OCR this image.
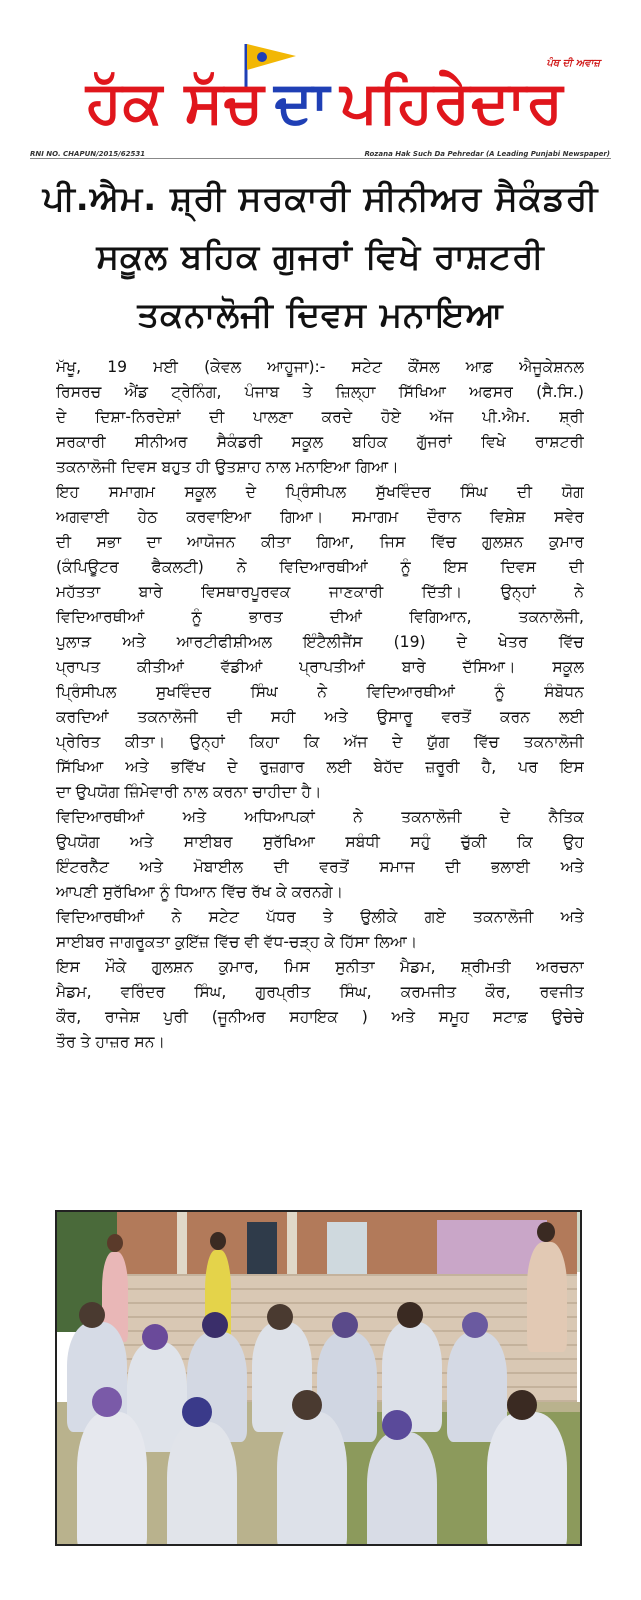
ਪੰਥ ਦੀ ਅਵਾਜ਼
ਹੱਕ ਸੱਚ ਦਾ ਪਹਿਰੇਦਾਰ
RNI NO. CHAPUN/2015/62531	Rozana Hak Such Da Pehredar (A Leading Punjabi Newspaper)
ਪੀ.ਐਮ. ਸ਼੍ਰੀ ਸਰਕਾਰੀ ਸੀਨੀਅਰ ਸੈਕੰਡਰੀ
ਸਕੂਲ ਬਹਿਕ ਗੁਜਰਾਂ ਵਿਖੇ ਰਾਸ਼ਟਰੀ
ਤਕਨਾਲੋਜੀ ਦਿਵਸ ਮਨਾਇਆ
ਮੱਖੂ, 19 ਮਈ (ਕੇਵਲ ਆਹੂਜਾ):- ਸਟੇਟ ਕੌਂਸਲ ਆਫ਼ ਐਜੂਕੇਸ਼ਨਲ
ਰਿਸਰਚ ਐਂਡ ਟ੍ਰੇਨਿੰਗ, ਪੰਜਾਬ ਤੇ ਜ਼ਿਲ੍ਹਾ ਸਿੱਖਿਆ ਅਫਸਰ (ਸੈ.ਸਿ.)
ਦੇ ਦਿਸ਼ਾ-ਨਿਰਦੇਸ਼ਾਂ ਦੀ ਪਾਲਣਾ ਕਰਦੇ ਹੋਏ ਅੱਜ ਪੀ.ਐਮ. ਸ਼੍ਰੀ
ਸਰਕਾਰੀ ਸੀਨੀਅਰ ਸੈਕੰਡਰੀ ਸਕੂਲ ਬਹਿਕ ਗੁੱਜਰਾਂ ਵਿਖੇ ਰਾਸ਼ਟਰੀ
ਤਕਨਾਲੋਜੀ ਦਿਵਸ ਬਹੁਤ ਹੀ ਉਤਸ਼ਾਹ ਨਾਲ ਮਨਾਇਆ ਗਿਆ।
ਇਹ ਸਮਾਗਮ ਸਕੂਲ ਦੇ ਪ੍ਰਿੰਸੀਪਲ ਸੁੱਖਵਿੰਦਰ ਸਿੰਘ ਦੀ ਯੋਗ
ਅਗਵਾਈ ਹੇਠ ਕਰਵਾਇਆ ਗਿਆ। ਸਮਾਗਮ ਦੌਰਾਨ ਵਿਸ਼ੇਸ਼ ਸਵੇਰ
ਦੀ ਸਭਾ ਦਾ ਆਯੋਜਨ ਕੀਤਾ ਗਿਆ, ਜਿਸ ਵਿੱਚ ਗੁਲਸ਼ਨ ਕੁਮਾਰ
(ਕੰਪਿਊਟਰ ਫੈਕਲਟੀ) ਨੇ ਵਿਦਿਆਰਥੀਆਂ ਨੂੰ ਇਸ ਦਿਵਸ ਦੀ
ਮਹੱਤਤਾ ਬਾਰੇ ਵਿਸਥਾਰਪੂਰਵਕ ਜਾਣਕਾਰੀ ਦਿੱਤੀ। ਉਨ੍ਹਾਂ ਨੇ
ਵਿਦਿਆਰਥੀਆਂ ਨੂੰ ਭਾਰਤ ਦੀਆਂ ਵਿਗਿਆਨ, ਤਕਨਾਲੋਜੀ,
ਪੁਲਾੜ ਅਤੇ ਆਰਟੀਫੀਸ਼ੀਅਲ ਇੰਟੈਲੀਜੈਂਸ (19) ਦੇ ਖੇਤਰ ਵਿੱਚ
ਪ੍ਰਾਪਤ ਕੀਤੀਆਂ ਵੱਡੀਆਂ ਪ੍ਰਾਪਤੀਆਂ ਬਾਰੇ ਦੱਸਿਆ। ਸਕੂਲ
ਪ੍ਰਿੰਸੀਪਲ ਸੁਖਵਿੰਦਰ ਸਿੰਘ ਨੇ ਵਿਦਿਆਰਥੀਆਂ ਨੂੰ ਸੰਬੋਧਨ
ਕਰਦਿਆਂ ਤਕਨਾਲੋਜੀ ਦੀ ਸਹੀ ਅਤੇ ਉਸਾਰੂ ਵਰਤੋਂ ਕਰਨ ਲਈ
ਪ੍ਰੇਰਿਤ ਕੀਤਾ। ਉਨ੍ਹਾਂ ਕਿਹਾ ਕਿ ਅੱਜ ਦੇ ਯੁੱਗ ਵਿੱਚ ਤਕਨਾਲੋਜੀ
ਸਿੱਖਿਆ ਅਤੇ ਭਵਿੱਖ ਦੇ ਰੁਜ਼ਗਾਰ ਲਈ ਬੇਹੱਦ ਜ਼ਰੂਰੀ ਹੈ, ਪਰ ਇਸ
ਦਾ ਉਪਯੋਗ ਜ਼ਿੰਮੇਵਾਰੀ ਨਾਲ ਕਰਨਾ ਚਾਹੀਦਾ ਹੈ।
ਵਿਦਿਆਰਥੀਆਂ ਅਤੇ ਅਧਿਆਪਕਾਂ ਨੇ ਤਕਨਾਲੋਜੀ ਦੇ ਨੈਤਿਕ
ਉਪਯੋਗ ਅਤੇ ਸਾਈਬਰ ਸੁਰੱਖਿਆ ਸਬੰਧੀ ਸਹੁੰ ਚੁੱਕੀ ਕਿ ਉਹ
ਇੰਟਰਨੈੱਟ ਅਤੇ ਮੋਬਾਈਲ ਦੀ ਵਰਤੋਂ ਸਮਾਜ ਦੀ ਭਲਾਈ ਅਤੇ
ਆਪਣੀ ਸੁਰੱਖਿਆ ਨੂੰ ਧਿਆਨ ਵਿੱਚ ਰੱਖ ਕੇ ਕਰਨਗੇ।
ਵਿਦਿਆਰਥੀਆਂ ਨੇ ਸਟੇਟ ਪੱਧਰ ਤੇ ਉਲੀਕੇ ਗਏ ਤਕਨਾਲੋਜੀ ਅਤੇ
ਸਾਈਬਰ ਜਾਗਰੂਕਤਾ ਕੁਇੱਜ਼ ਵਿੱਚ ਵੀ ਵੱਧ-ਚੜ੍ਹ ਕੇ ਹਿੱਸਾ ਲਿਆ।
ਇਸ ਮੌਕੇ ਗੁਲਸ਼ਨ ਕੁਮਾਰ, ਮਿਸ ਸੁਨੀਤਾ ਮੈਡਮ, ਸ਼੍ਰੀਮਤੀ ਅਰਚਨਾ
ਮੈਡਮ, ਵਰਿੰਦਰ ਸਿੰਘ, ਗੁਰਪ੍ਰੀਤ ਸਿੰਘ, ਕਰਮਜੀਤ ਕੌਰ, ਰਵਜੀਤ
ਕੌਰ, ਰਾਜੇਸ਼ ਪੁਰੀ (ਜੂਨੀਅਰ ਸਹਾਇਕ ) ਅਤੇ ਸਮੂਹ ਸਟਾਫ਼ ਉਚੇਚੇ
ਤੌਰ ਤੇ ਹਾਜ਼ਰ ਸਨ।
